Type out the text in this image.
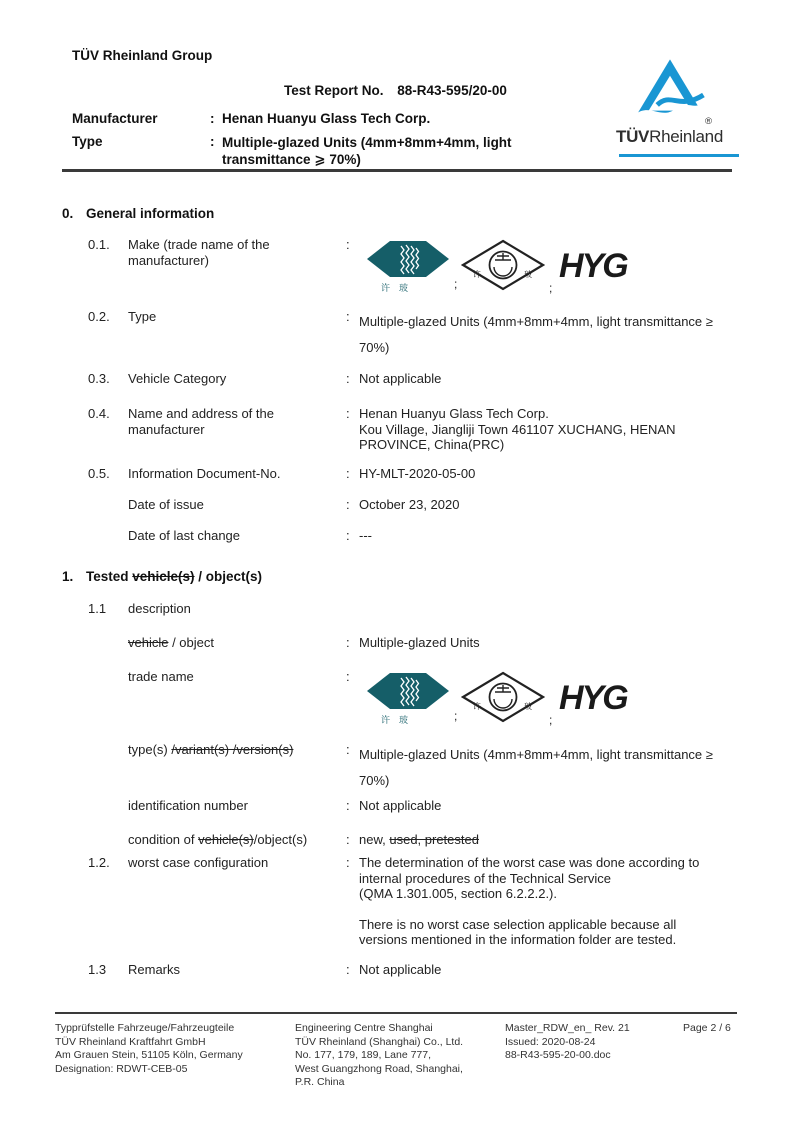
TÜV Rheinland Group
Test Report No. 88-R43-595/20-00
Manufacturer	: Henan Huanyu Glass Tech Corp.
Type	: Multiple-glazed Units (4mm+8mm+4mm, light transmittance ⩾ 70%)
®
TÜVRheinland
0. General information
0.1. Make (trade name of the manufacturer)
:
许玻	;
许	玻
;
HYG
0.2. Type	: Multiple-glazed Units (4mm+8mm+4mm, light transmittance ≥ 70%)
0.3. Vehicle Category	: Not applicable
0.4. Name and address of the manufacturer
: Henan Huanyu Glass Tech Corp.
Kou Village, Jiangliji Town 461107 XUCHANG, HENAN
PROVINCE, China(PRC)
0.5. Information Document-No.	: HY-MLT-2020-05-00
Date of issue	: October 23, 2020
Date of last change	: ---
1. Tested vehicle(s) / object(s)
1.1 description
vehicle / object	: Multiple-glazed Units
trade name	:
许玻	;
许	玻
;
HYG
type(s) /variant(s) /version(s)	: Multiple-glazed Units (4mm+8mm+4mm, light transmittance ≥ 70%)
identification number	: Not applicable
condition of vehicle(s)/object(s)	: new, used, pretested
1.2. worst case configuration	: The determination of the worst case was done according to
internal procedures of the Technical Service
(QMA 1.301.005, section 6.2.2.2.).
There is no worst case selection applicable because all
versions mentioned in the information folder are tested.
1.3 Remarks	: Not applicable
Typprüfstelle Fahrzeuge/Fahrzeugteile
TÜV Rheinland Kraftfahrt GmbH
Am Grauen Stein, 51105 Köln, Germany
Designation: RDWT-CEB-05
Engineering Centre Shanghai
TÜV Rheinland (Shanghai) Co., Ltd.
No. 177, 179, 189, Lane 777,
West Guangzhong Road, Shanghai,
P.R. China
Master_RDW_en_ Rev. 21
Issued: 2020-08-24
88-R43-595-20-00.doc
Page 2 / 6
